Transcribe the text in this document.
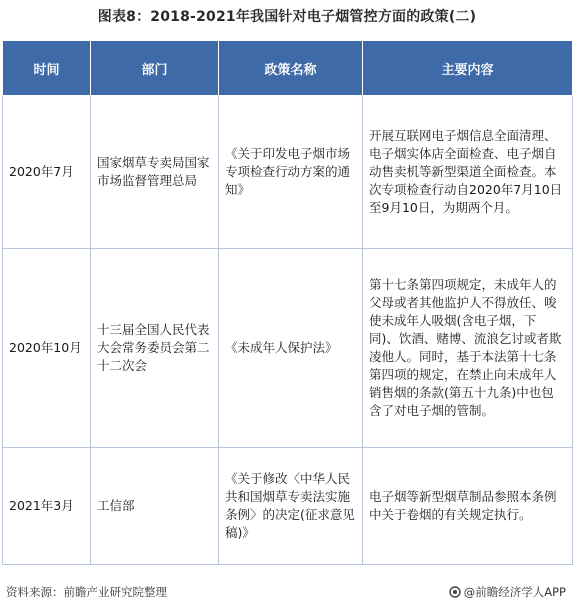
图表8：2018-2021年我国针对电子烟管控方面的政策(二)
时间	部门	政策名称	主要内容
2020年7月	国家烟草专卖局国家市场监督管理总局	《关于印发电子烟市场专项检查行动方案的通知》	开展互联网电子烟信息全面清理、电子烟实体店全面检查、电子烟自动售卖机等新型渠道全面检查。本次专项检查行动自2020年7月10日至9月10日，为期两个月。
2020年10月	十三届全国人民代表大会常务委员会第二十二次会	《未成年人保护法》	第十七条第四项规定，未成年人的父母或者其他监护人不得放任、唆使未成年人吸烟(含电子烟，下同)、饮酒、赌博、流浪乞讨或者欺凌他人。同时，基于本法第十七条第四项的规定，在禁止向未成年人销售烟的条款(第五十九条)中也包含了对电子烟的管制。
2021年3月	工信部	《关于修改〈中华人民共和国烟草专卖法实施条例〉的决定(征求意见稿)》	电子烟等新型烟草制品参照本条例中关于卷烟的有关规定执行。
资料来源：前瞻产业研究院整理	@前瞻经济学人APP
